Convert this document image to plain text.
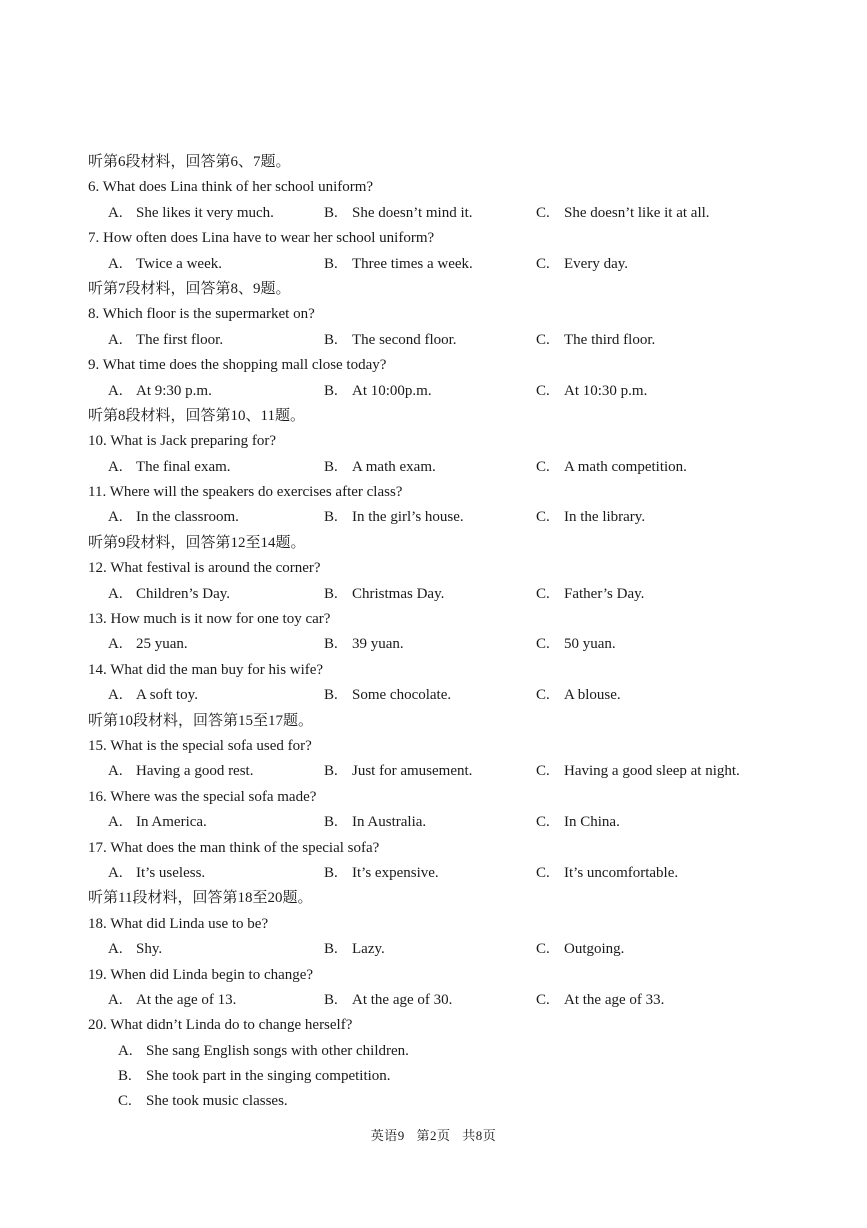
听第6段材料，回答第6、7题。
6. What does Lina think of her school uniform?
A. She likes it very much.	B. She doesn’t mind it.	C. She doesn’t like it at all.
7. How often does Lina have to wear her school uniform?
A. Twice a week.	B. Three times a week.	C. Every day.
听第7段材料，回答第8、9题。
8. Which floor is the supermarket on?
A. The first floor.	B. The second floor.	C. The third floor.
9. What time does the shopping mall close today?
A. At 9:30 p.m.	B. At 10:00p.m.	C. At 10:30 p.m.
听第8段材料，回答第10、11题。
10. What is Jack preparing for?
A. The final exam.	B. A math exam.	C. A math competition.
11. Where will the speakers do exercises after class?
A. In the classroom.	B. In the girl’s house.	C. In the library.
听第9段材料，回答第12至14题。
12. What festival is around the corner?
A. Children’s Day.	B. Christmas Day.	C. Father’s Day.
13. How much is it now for one toy car?
A. 25 yuan.	B. 39 yuan.	C. 50 yuan.
14. What did the man buy for his wife?
A. A soft toy.	B. Some chocolate.	C. A blouse.
听第10段材料，回答第15至17题。
15. What is the special sofa used for?
A. Having a good rest.	B. Just for amusement.	C. Having a good sleep at night.
16. Where was the special sofa made?
A. In America.	B. In Australia.	C. In China.
17. What does the man think of the special sofa?
A. It’s useless.	B. It’s expensive.	C. It’s uncomfortable.
听第11段材料，回答第18至20题。
18. What did Linda use to be?
A. Shy.	B. Lazy.	C. Outgoing.
19. When did Linda begin to change?
A. At the age of 13.	B. At the age of 30.	C. At the age of 33.
20. What didn’t Linda do to change herself?
A. She sang English songs with other children.
B. She took part in the singing competition.
C. She took music classes.
英语9 第2页 共8页
